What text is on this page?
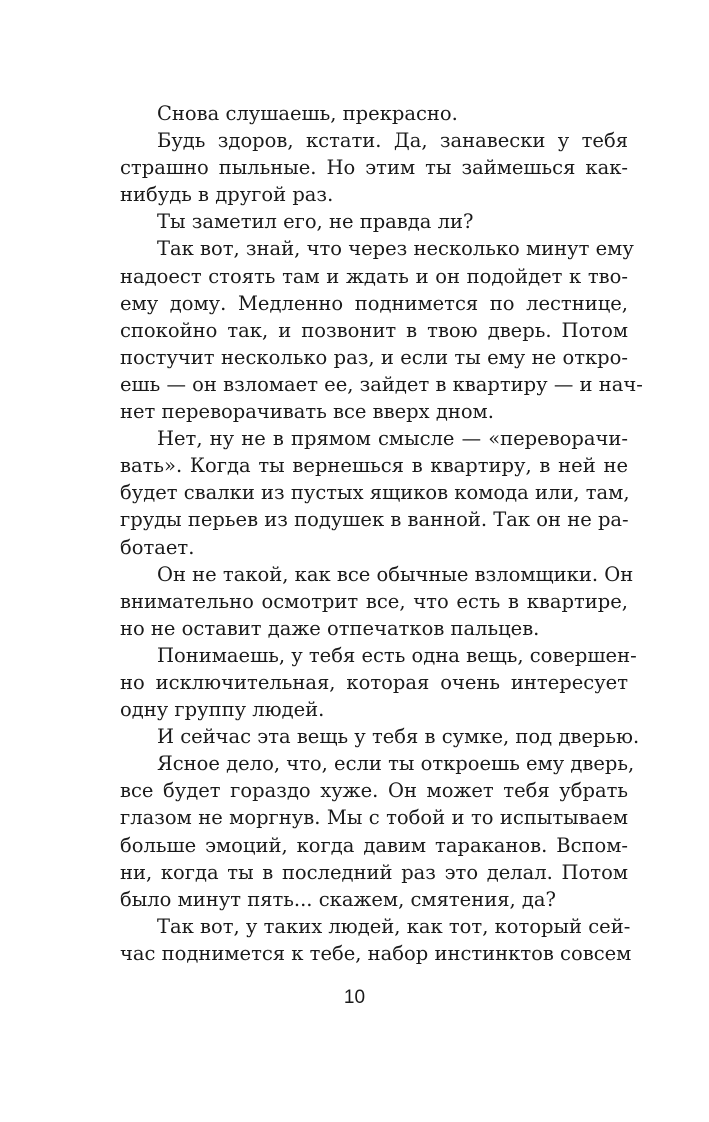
Снова слушаешь, прекрасно.
Будь здоров, кстати. Да, занавески у тебя
страшно пыльные. Но этим ты займешься как-
нибудь в другой раз.
Ты заметил его, не правда ли?
Так вот, знай, что через несколько минут ему
надоест стоять там и ждать и он подойдет к тво-
ему дому. Медленно поднимется по лестнице,
спокойно так, и позвонит в твою дверь. Потом
постучит несколько раз, и если ты ему не откро-
ешь — он взломает ее, зайдет в квартиру — и нач-
нет переворачивать все вверх дном.
Нет, ну не в прямом смысле — «переворачи-
вать». Когда ты вернешься в квартиру, в ней не
будет свалки из пустых ящиков комода или, там,
груды перьев из подушек в ванной. Так он не ра-
ботает.
Он не такой, как все обычные взломщики. Он
внимательно осмотрит все, что есть в квартире,
но не оставит даже отпечатков пальцев.
Понимаешь, у тебя есть одна вещь, совершен-
но исключительная, которая очень интересует
одну группу людей.
И сейчас эта вещь у тебя в сумке, под дверью.
Ясное дело, что, если ты откроешь ему дверь,
все будет гораздо хуже. Он может тебя убрать
глазом не моргнув. Мы с тобой и то испытываем
больше эмоций, когда давим тараканов. Вспом-
ни, когда ты в последний раз это делал. Потом
было минут пять... скажем, смятения, да?
Так вот, у таких людей, как тот, который сей-
час поднимется к тебе, набор инстинктов совсем
10
